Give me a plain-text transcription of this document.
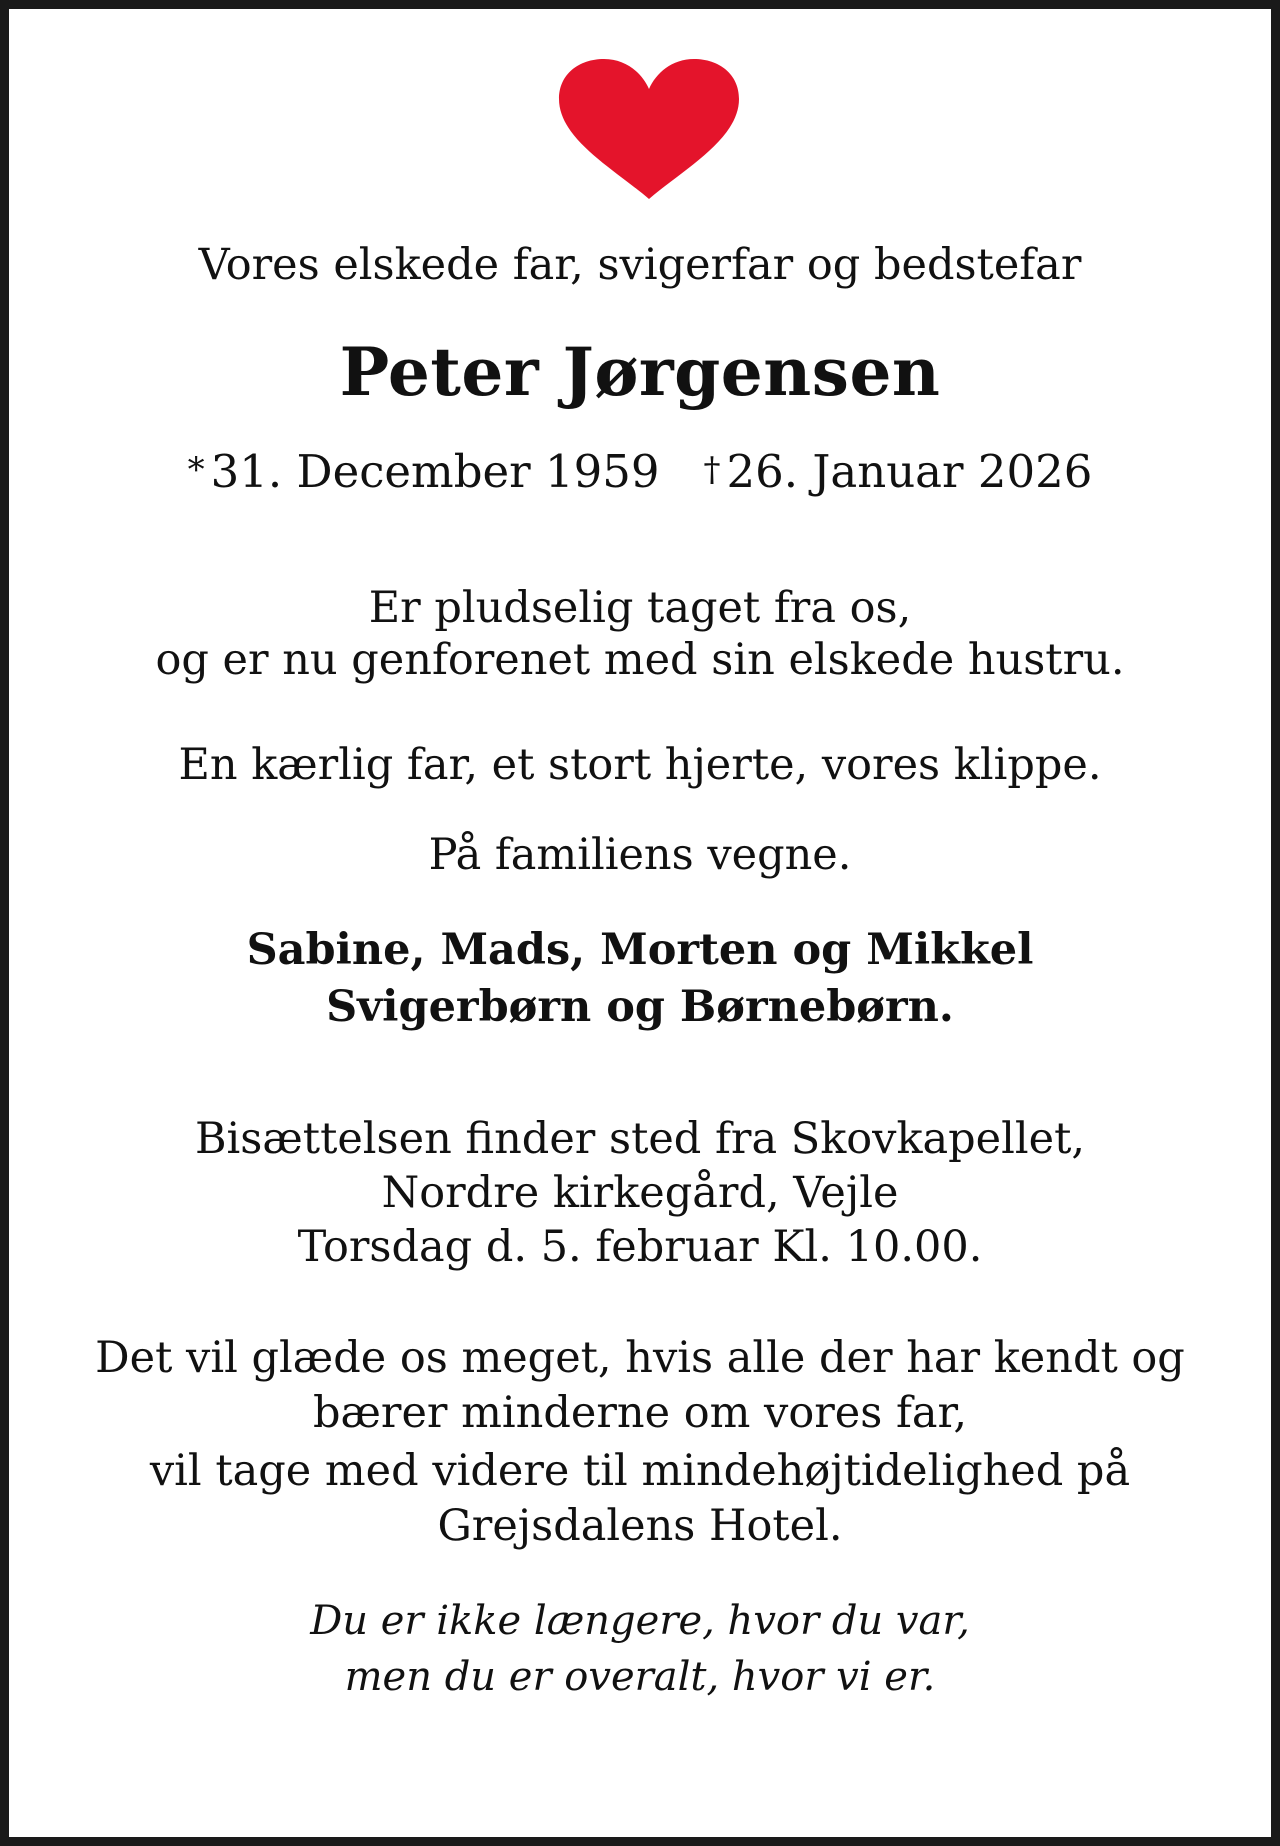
Vores elskede far, svigerfar og bedstefar
Peter Jørgensen
* 31. December 1959 † 26. Januar 2026
Er pludselig taget fra os,
og er nu genforenet med sin elskede hustru.
En kærlig far, et stort hjerte, vores klippe.
På familiens vegne.
Sabine, Mads, Morten og Mikkel
Svigerbørn og Børnebørn.
Bisættelsen finder sted fra Skovkapellet,
Nordre kirkegård, Vejle
Torsdag d. 5. februar Kl. 10.00.
Det vil glæde os meget, hvis alle der har kendt og
bærer minderne om vores far,
vil tage med videre til mindehøjtidelighed på
Grejsdalens Hotel.
Du er ikke længere, hvor du var,
men du er overalt, hvor vi er.
